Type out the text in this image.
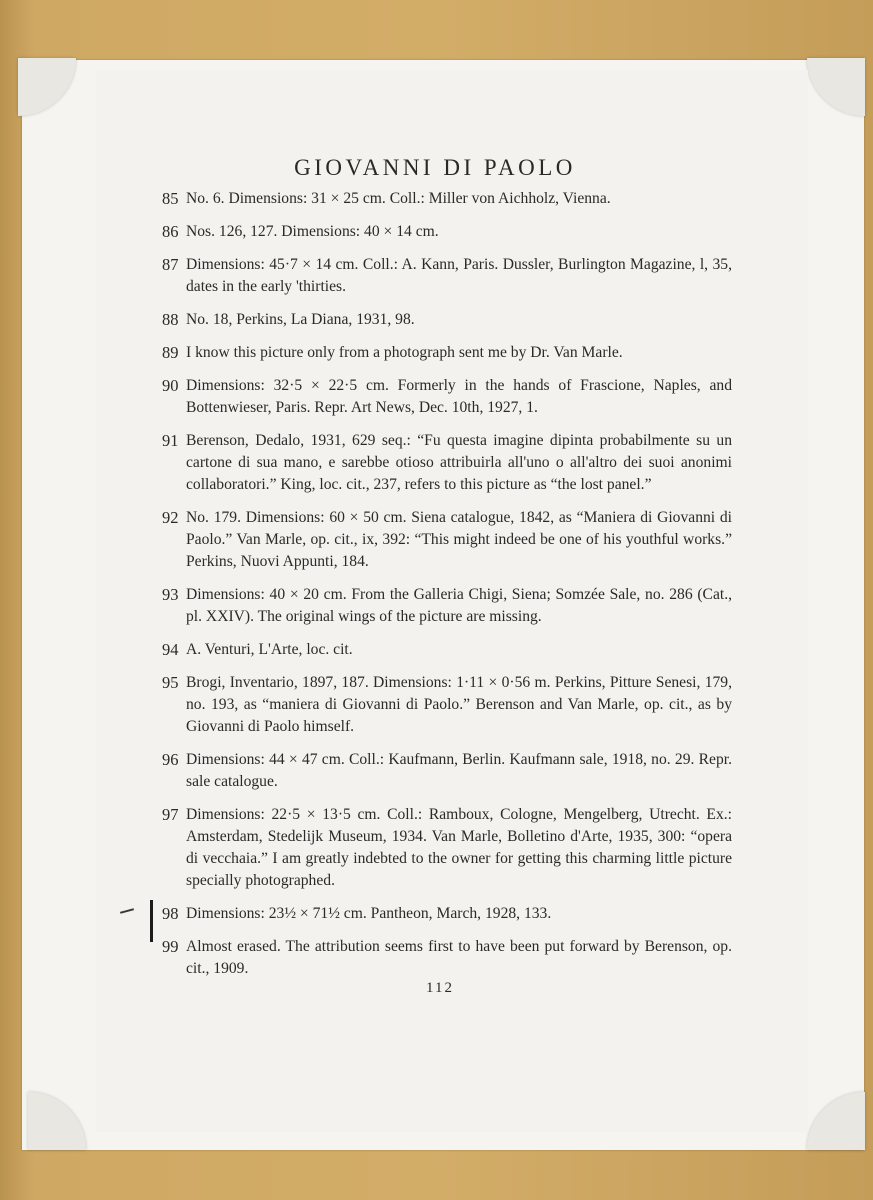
GIOVANNI DI PAOLO
85 No. 6. Dimensions: 31 × 25 cm. Coll.: Miller von Aichholz, Vienna.
86 Nos. 126, 127. Dimensions: 40 × 14 cm.
87 Dimensions: 45·7 × 14 cm. Coll.: A. Kann, Paris. Dussler, Burlington Magazine, l, 35, dates in the early 'thirties.
88 No. 18, Perkins, La Diana, 1931, 98.
89 I know this picture only from a photograph sent me by Dr. Van Marle.
90 Dimensions: 32·5 × 22·5 cm. Formerly in the hands of Frascione, Naples, and Bottenwieser, Paris. Repr. Art News, Dec. 10th, 1927, 1.
91 Berenson, Dedalo, 1931, 629 seq.: “Fu questa imagine dipinta probabilmente su un cartone di sua mano, e sarebbe otioso attribuirla all'uno o all'altro dei suoi anonimi collaboratori.” King, loc. cit., 237, refers to this picture as “the lost panel.”
92 No. 179. Dimensions: 60 × 50 cm. Siena catalogue, 1842, as “Maniera di Giovanni di Paolo.” Van Marle, op. cit., ix, 392: “This might indeed be one of his youthful works.” Perkins, Nuovi Appunti, 184.
93 Dimensions: 40 × 20 cm. From the Galleria Chigi, Siena; Somzée Sale, no. 286 (Cat., pl. XXIV). The original wings of the picture are missing.
94 A. Venturi, L'Arte, loc. cit.
95 Brogi, Inventario, 1897, 187. Dimensions: 1·11 × 0·56 m. Perkins, Pitture Senesi, 179, no. 193, as “maniera di Giovanni di Paolo.” Berenson and Van Marle, op. cit., as by Giovanni di Paolo himself.
96 Dimensions: 44 × 47 cm. Coll.: Kaufmann, Berlin. Kaufmann sale, 1918, no. 29. Repr. sale catalogue.
97 Dimensions: 22·5 × 13·5 cm. Coll.: Ramboux, Cologne, Mengelberg, Utrecht. Ex.: Amsterdam, Stedelijk Museum, 1934. Van Marle, Bolletino d'Arte, 1935, 300: “opera di vecchaia.” I am greatly indebted to the owner for getting this charming little picture specially photographed.
98 Dimensions: 23½ × 71½ cm. Pantheon, March, 1928, 133.
99 Almost erased. The attribution seems first to have been put forward by Berenson, op. cit., 1909.
112
